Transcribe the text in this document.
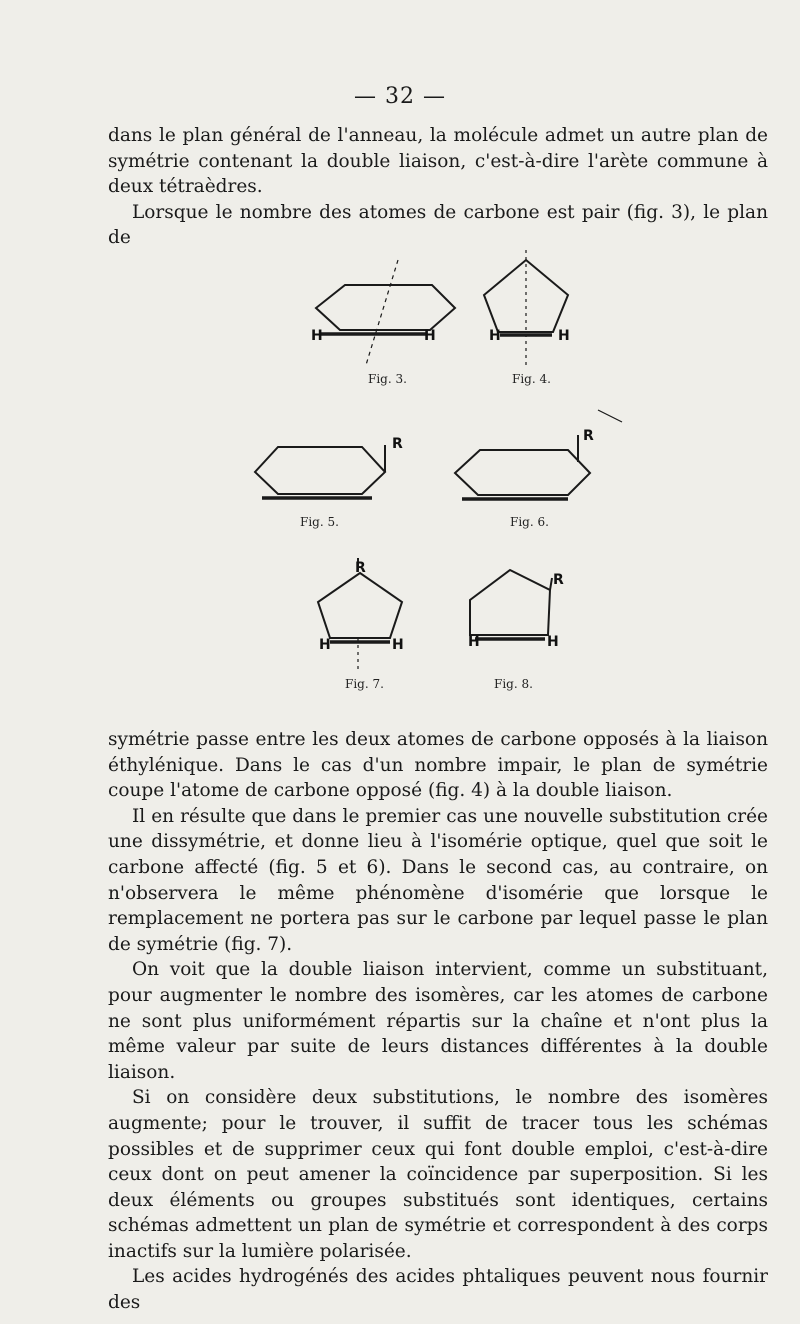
— 32 —

dans le plan général de l'anneau, la molécule admet un autre plan de symétrie contenant la double liaison, c'est-à-dire l'arète commune à deux tétraèdres.

Lorsque le nombre des atomes de carbone est pair (fig. 3), le plan de

H	H	H	H
R	R
R
R
H	H	H	H
Fig. 3.	Fig. 4.
Fig. 5.	Fig. 6.
Fig. 7.	Fig. 8.

symétrie passe entre les deux atomes de carbone opposés à la liaison éthylénique. Dans le cas d'un nombre impair, le plan de symétrie coupe l'atome de carbone opposé (fig. 4) à la double liaison.

Il en résulte que dans le premier cas une nouvelle substitution crée une dissymétrie, et donne lieu à l'isomérie optique, quel que soit le carbone affecté (fig. 5 et 6). Dans le second cas, au contraire, on n'observera le même phénomène d'isomérie que lorsque le remplacement ne portera pas sur le carbone par lequel passe le plan de symétrie (fig. 7).

On voit que la double liaison intervient, comme un substituant, pour augmenter le nombre des isomères, car les atomes de carbone ne sont plus uniformément répartis sur la chaîne et n'ont plus la même valeur par suite de leurs distances différentes à la double liaison.

Si on considère deux substitutions, le nombre des isomères augmente; pour le trouver, il suffit de tracer tous les schémas possibles et de supprimer ceux qui font double emploi, c'est-à-dire ceux dont on peut amener la coïncidence par superposition. Si les deux éléments ou groupes substitués sont identiques, certains schémas admettent un plan de symétrie et correspondent à des corps inactifs sur la lumière polarisée.

Les acides hydrogénés des acides phtaliques peuvent nous fournir des
